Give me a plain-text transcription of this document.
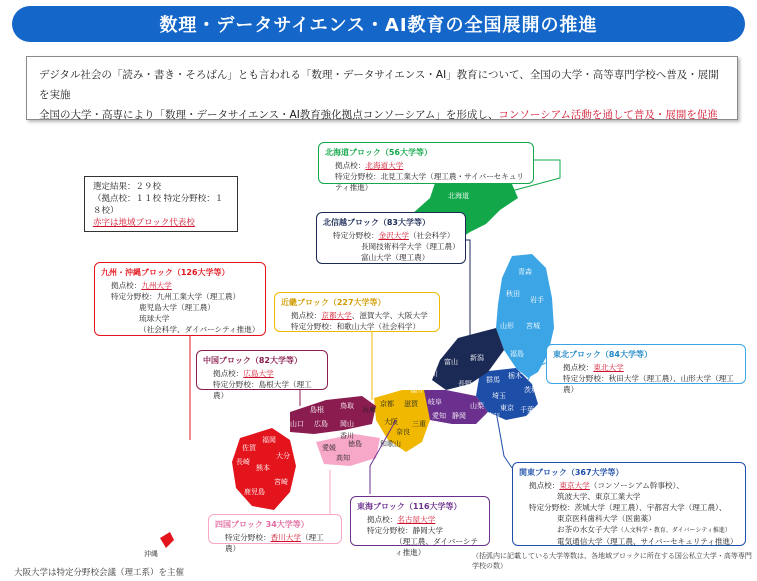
数理・データサイエンス・AI教育の全国展開の推進
デジタル社会の「読み・書き・そろばん」とも言われる「数理・データサイエンス・AI」教育について、全国の大学・高等専門学校へ普及・展開を実施
全国の大学・高専により「数理・データサイエンス・AI教育強化拠点コンソーシアム」を形成し、コンソーシアム活動を通して普及・展開を促進
北海道
青森
秋田
岩手
山形 宮城
新潟	福島
群馬 栃木
茨城
長野
埼玉
富山
岐阜	山梨 東京
石川
福井
愛知 静岡	神奈
千葉
滋賀
京都
兵庫
三重
大阪
奈良
和歌山
鳥取
島根
岡山
広島
山口
徳島
香川
愛媛
高知
福岡
佐賀
長崎
熊本
大分
宮崎
鹿児島
沖縄
選定結果：２９校
（拠点校：１１校 特定分野校：１８校）
赤字は地域ブロック代表校
北海道ブロック（56大学等）
拠点校：北海道大学
特定分野校：北見工業大学（理工農・サイバーセキュリティ推進）
北信越ブロック（83大学等）
特定分野校：金沢大学（社会科学）
長岡技術科学大学（理工農）
富山大学（理工農）
近畿ブロック（227大学等）
拠点校：京都大学、滋賀大学、大阪大学
特定分野校：和歌山大学（社会科学）
九州・沖縄ブロック（126大学等）
拠点校：九州大学
特定分野校：九州工業大学（理工農）
鹿児島大学（理工農）
琉球大学
（社会科学、ダイバーシティ推進）
中国ブロック（82大学等）
拠点校：広島大学
特定分野校：島根大学（理工農）
東北ブロック（84大学等）
拠点校：東北大学
特定分野校：秋田大学（理工農）、山形大学（理工農）
関東ブロック（367大学等）
拠点校：東京大学（コンソーシアム幹事校）、
筑波大学、東京工業大学
特定分野校：茨城大学（理工農）、宇都宮大学（理工農）、
東京医科歯科大学（医歯薬）
お茶の水女子大学（人文科学・教育、ダイバーシティ推進）
電気通信大学（理工農、サイバーセキュリティ推進）
東海ブロック（116大学等）
拠点校：名古屋大学
特定分野校：静岡大学
（理工農、ダイバーシティ推進）
四国ブロック 34大学等）
特定分野校：香川大学（理工農）
（括弧内に記載している大学等数は、各地域ブロックに所在する国公私立大学・高等専門学校の数）
大阪大学は特定分野校会議（理工系）を主催
